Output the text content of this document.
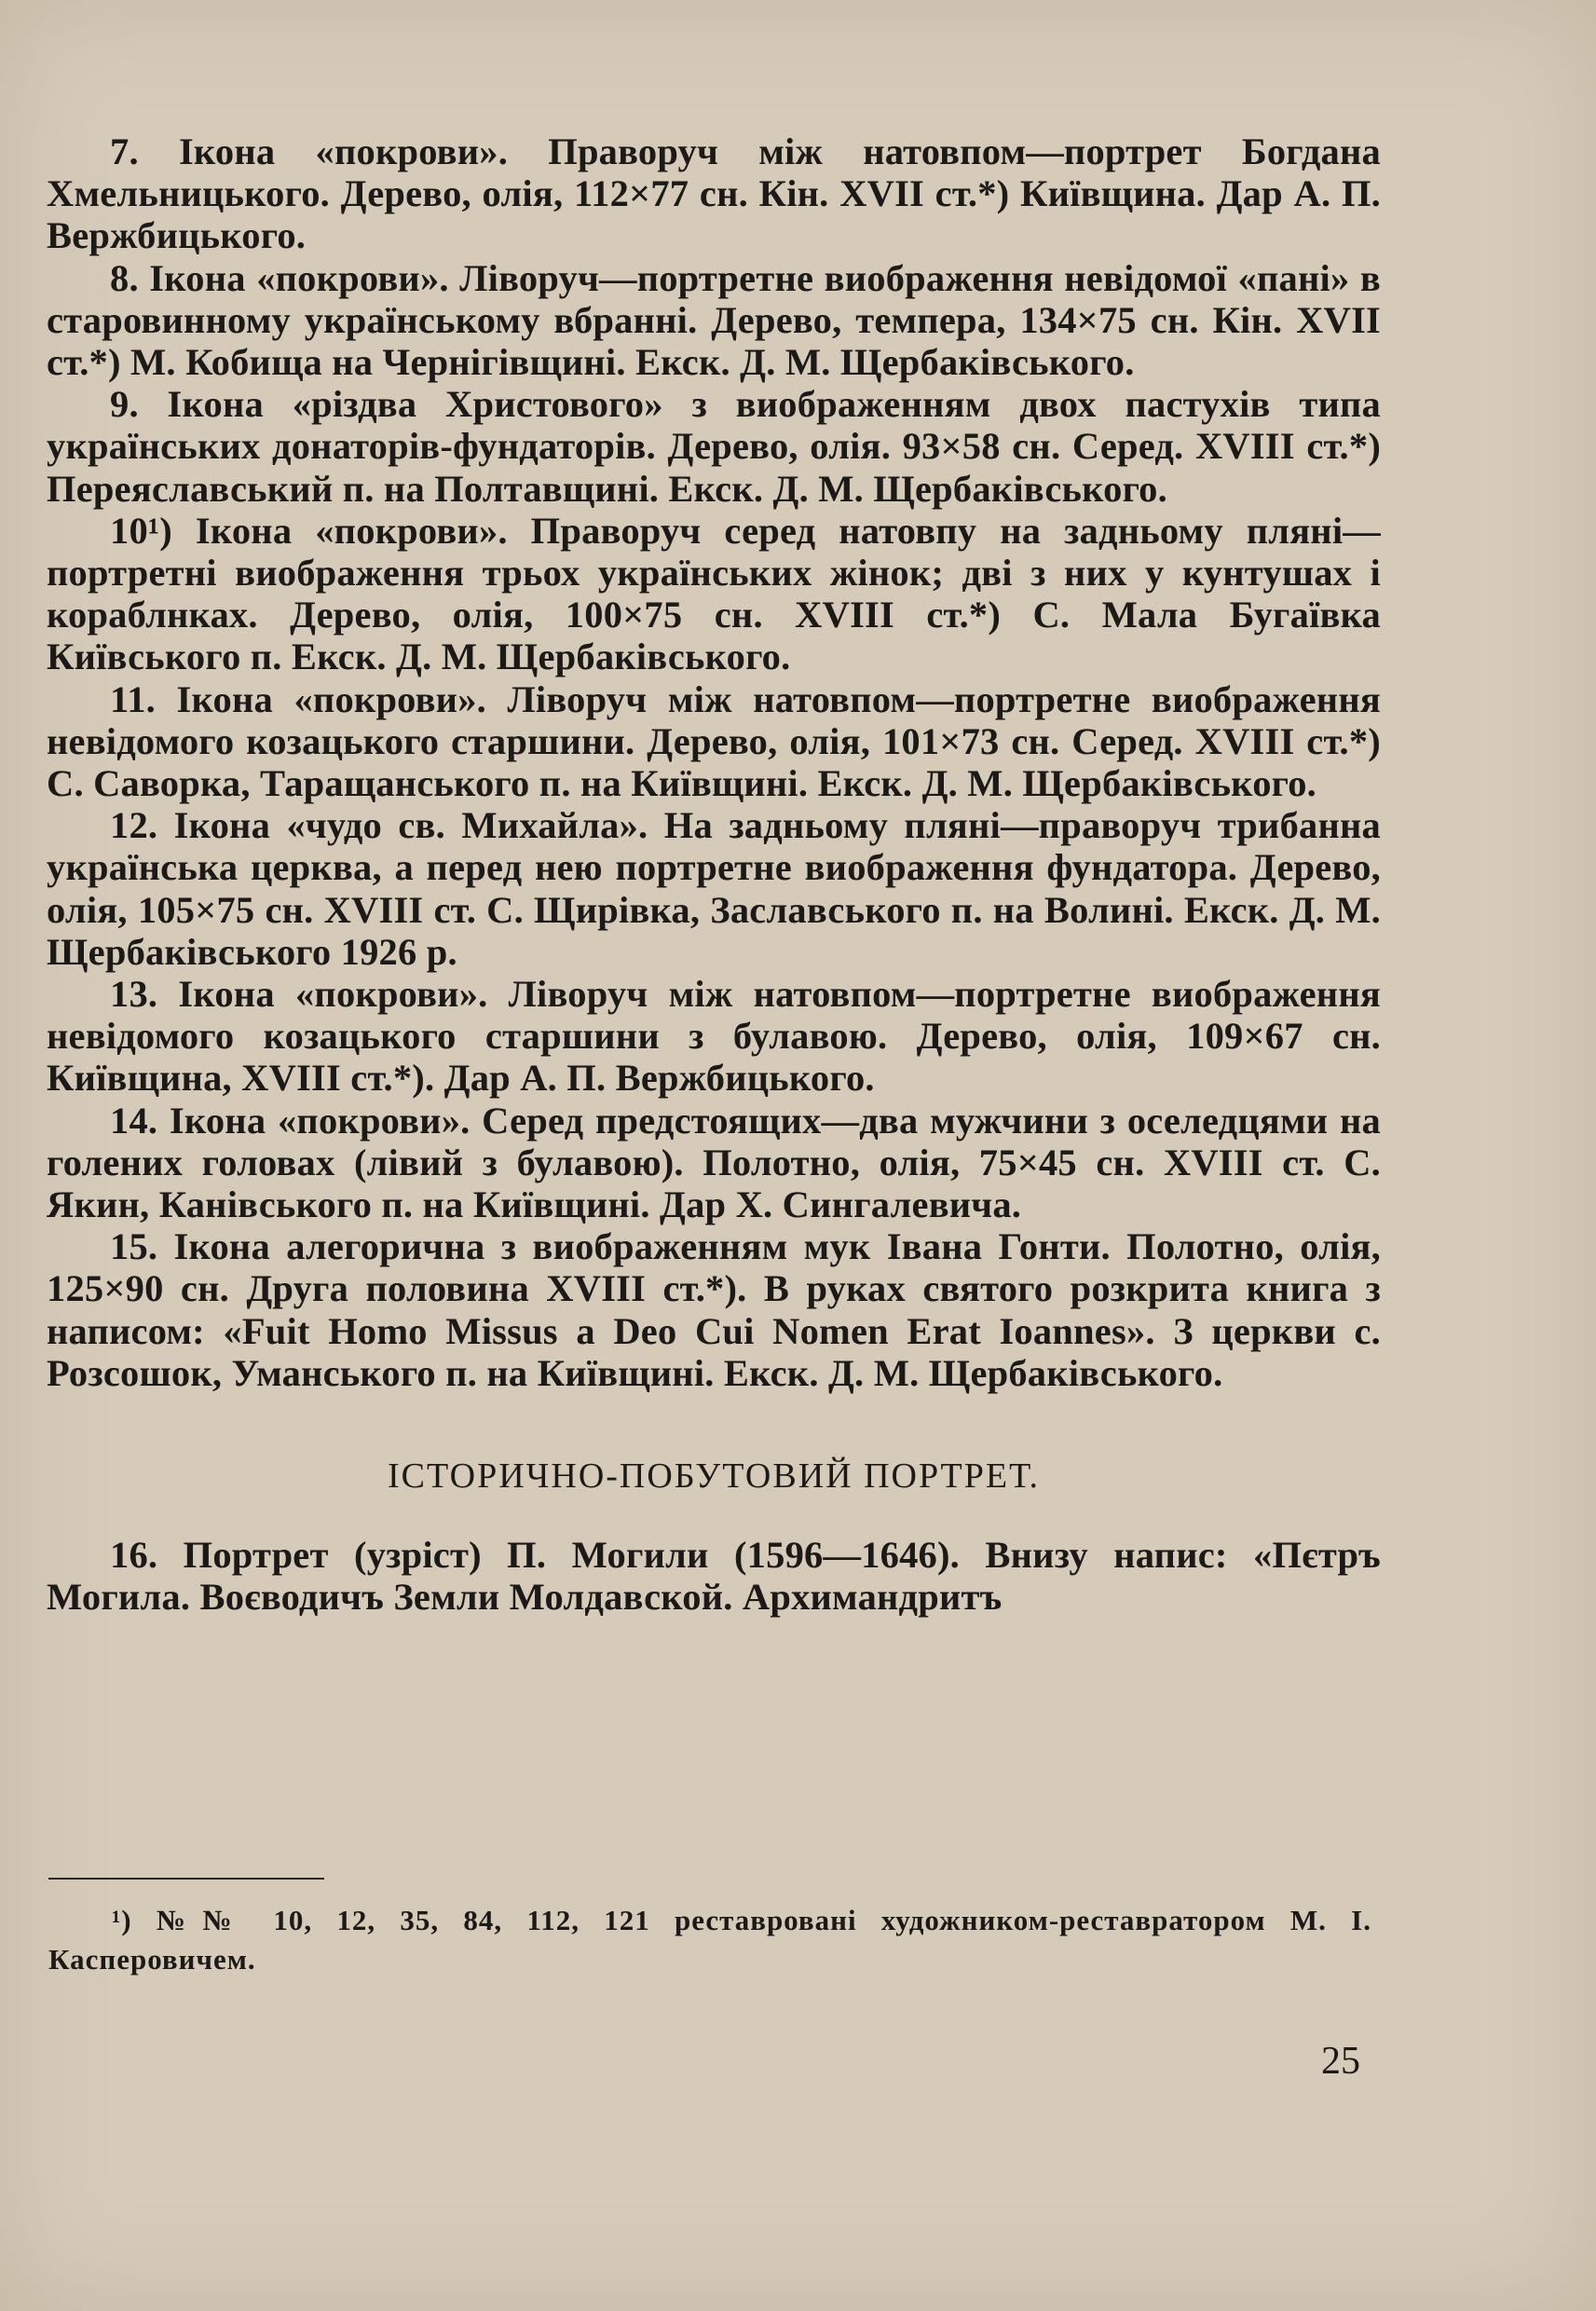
7. Ікона «покрови». Праворуч між натовпом—портрет Богдана Хмельницького. Дерево, олія, 112×77 сн. Кін. XVII ст.*) Київщина. Дар А. П. Вержбицького.

8. Ікона «покрови». Ліворуч—портретне виображення невідомої «пані» в старовинному українському вбранні. Дерево, темпера, 134×75 сн. Кін. XVII ст.*) М. Кобища на Чернігівщині. Екск. Д. М. Щербаківського.

9. Ікона «різдва Христового» з виображенням двох пастухів типа українських донаторів-фундаторів. Дерево, олія. 93×58 сн. Серед. XVIII ст.*) Переяславський п. на Полтавщині. Екск. Д. М. Щербаківського.

10¹) Ікона «покрови». Праворуч серед натовпу на задньому пляні—портретні виображення трьох українських жінок; дві з них у кунтушах і кораблнках. Дерево, олія, 100×75 сн. XVIII ст.*) С. Мала Бугаївка Київського п. Екск. Д. М. Щербаківського.

11. Ікона «покрови». Ліворуч між натовпом—портретне виображення невідомого козацького старшини. Дерево, олія, 101×73 сн. Серед. XVIII ст.*) С. Саворка, Таращанського п. на Київщині. Екск. Д. М. Щербаківського.

12. Ікона «чудо св. Михайла». На задньому пляні—праворуч трибанна українська церква, а перед нею портретне виображення фундатора. Дерево, олія, 105×75 сн. XVIII ст. С. Щирівка, Заславського п. на Волині. Екск. Д. М. Щербаківського 1926 р.

13. Ікона «покрови». Ліворуч між натовпом—портретне виображення невідомого козацького старшини з булавою. Дерево, олія, 109×67 сн. Київщина, XVIII ст.*). Дар А. П. Вержбицького.

14. Ікона «покрови». Серед предстоящих—два мужчини з оселедцями на голених головах (лівий з булавою). Полотно, олія, 75×45 сн. XVIII ст. С. Якин, Канівського п. на Київщині. Дар Х. Сингалевича.

15. Ікона алегорична з виображенням мук Івана Гонти. Полотно, олія, 125×90 сн. Друга половина XVIII ст.*). В руках святого розкрита книга з написом: «Fuit Homo Missus a Deo Cui Nomen Erat Ioannes». З церкви с. Розсошок, Уманського п. на Київщині. Екск. Д. М. Щербаківського.

ІСТОРИЧНО-ПОБУТОВИЙ ПОРТРЕТ.

16. Портрет (узріст) П. Могили (1596—1646). Внизу напис: «Пєтръ Могила. Воєводичъ Земли Молдавской. Архимандритъ

¹) №№ 10, 12, 35, 84, 112, 121 реставровані художником-реставратором М. І. Касперовичем.
25
